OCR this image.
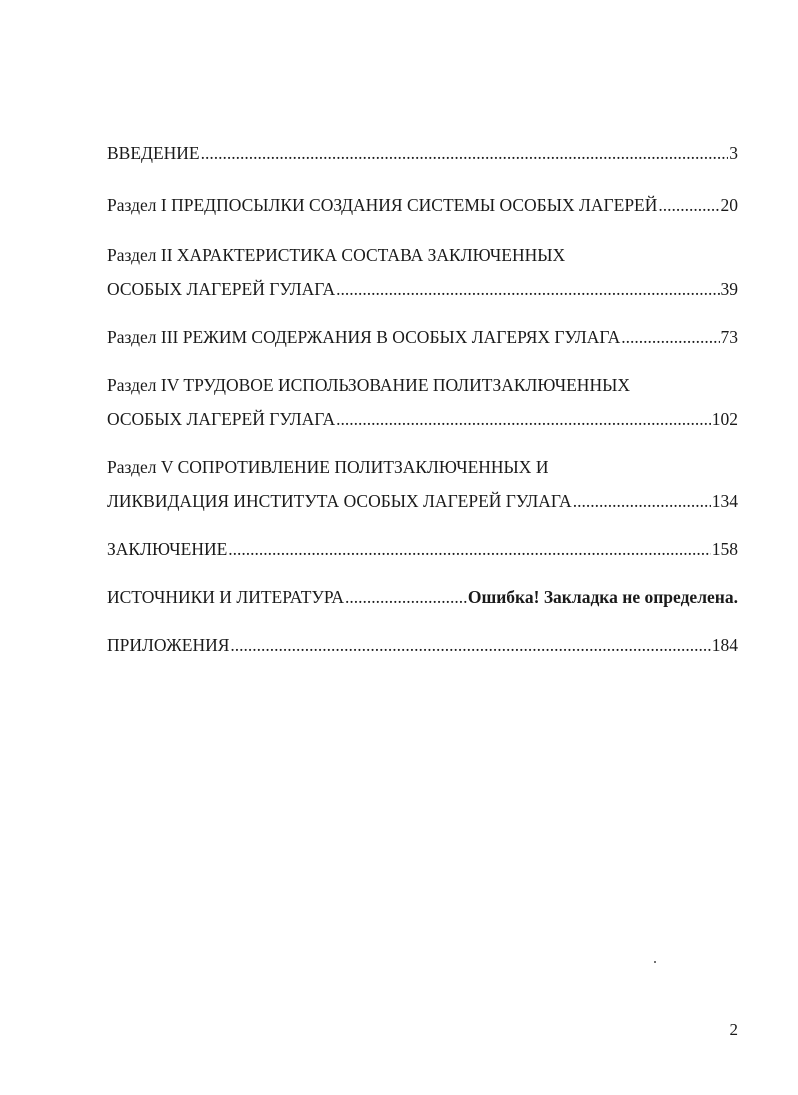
ВВЕДЕНИЕ .....	3
Раздел I ПРЕДПОСЫЛКИ СОЗДАНИЯ СИСТЕМЫ ОСОБЫХ ЛАГЕРЕЙ .....	20
Раздел II ХАРАКТЕРИСТИКА СОСТАВА ЗАКЛЮЧЕННЫХ
ОСОБЫХ ЛАГЕРЕЙ ГУЛАГА .....	39
Раздел III РЕЖИМ СОДЕРЖАНИЯ В ОСОБЫХ ЛАГЕРЯХ ГУЛАГА .....	73
Раздел IV ТРУДОВОЕ ИСПОЛЬЗОВАНИЕ ПОЛИТЗАКЛЮЧЕННЫХ
ОСОБЫХ ЛАГЕРЕЙ ГУЛАГА .....	102
Раздел V СОПРОТИВЛЕНИЕ ПОЛИТЗАКЛЮЧЕННЫХ И
ЛИКВИДАЦИЯ ИНСТИТУТА ОСОБЫХ ЛАГЕРЕЙ ГУЛАГА .....	134
ЗАКЛЮЧЕНИЕ .....	158
ИСТОЧНИКИ И ЛИТЕРАТУРА .....	Ошибка! Закладка не определена.
ПРИЛОЖЕНИЯ .....	184
2
